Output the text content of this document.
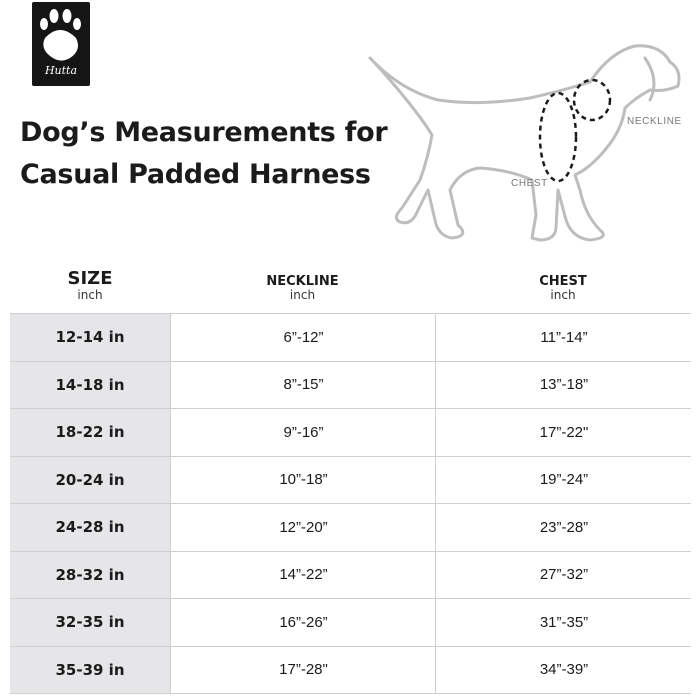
Hutta
Dog’s Measurements for
Casual Padded Harness
NECKLINE
CHEST
SIZE
inch
NECKLINE
inch
CHEST
inch
12-14 in	6”-12”	11”-14”
14-18 in	8”-15”	13”-18”
18-22 in	9”-16”	17”-22"
20-24 in	10”-18”	19”-24”
24-28 in	12”-20”	23”-28”
28-32 in	14”-22”	27”-32”
32-35 in	16”-26”	31”-35”
35-39 in	17”-28"	34”-39”
